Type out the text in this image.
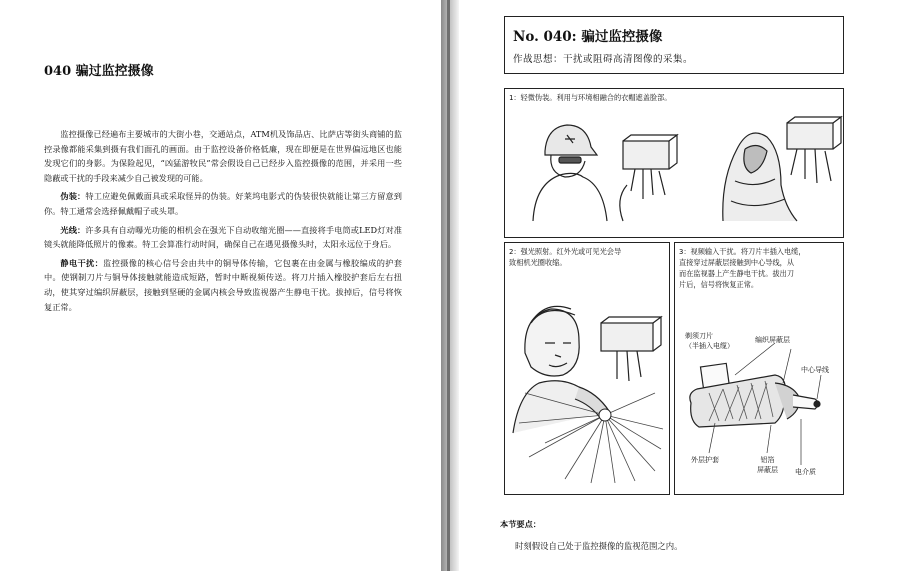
040 骗过监控摄像

监控摄像已经遍布主要城市的大街小巷，交通站点，ATM机及饰品店、比萨店等街头商铺的监控录像都能采集到摄有我们面孔的画面。由于监控设备价格低廉，现在即便是在世界偏远地区也能发现它们的身影。为保险起见，“凶猛游牧民”常会假设自己已经步入监控摄像的范围，并采用一些隐蔽或干扰的手段来减少自己被发现的可能。

伪装：特工应避免佩戴面具或采取怪异的伪装。好莱坞电影式的伪装很快就能让第三方留意到你。特工通常会选择佩戴帽子或头罩。

光线：许多具有自动曝光功能的相机会在强光下自动收缩光圈——直接将手电筒或LED灯对准镜头就能降低照片的像素。特工会算准行动时间，确保自己在遇见摄像头时，太阳永远位于身后。

静电干扰：监控摄像的核心信号会由共中的铜导体传输，它包裹在由金属与橡胶编成的护套中。使钢制刀片与铜导体接触就能造成短路，暂时中断视频传送。将刀片插入橡胶护套后左右扭动，使其穿过编织屏蔽层，接触到坚硬的金属内核会导致监视器产生静电干扰。拔掉后，信号将恢复正常。

No. 040: 骗过监控摄像
作战思想：干扰或阻碍高清图像的采集。
1：轻微伪装。利用与环境相融合的衣帽遮盖脸部。
2：强光照射。红外光或可见光会导
致相机光圈收缩。
3：视频输入干扰。将刀片丰插入电缆，
直接穿过屏蔽层接触到中心导线，从
而在监视器上产生静电干扰。拔出刀
片后，信号将恢复正常。
剃须刀片
（半插入电缆）
编织屏蔽层
中心导线
外层护套	铝箔
屏蔽层 电介质
本节要点：
时刻假设自己处于监控摄像的监视范围之内。
